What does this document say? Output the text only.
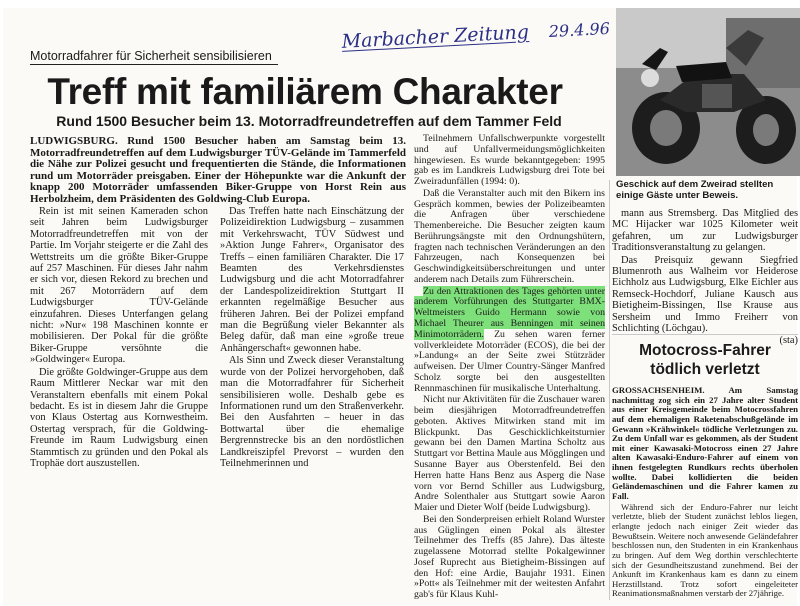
Motorradfahrer für Sicherheit sensibilisieren
Marbacher Zeitung 29.4.96
Treff mit familiärem Charakter
Rund 1500 Besucher beim 13. Motorradfreundetreffen auf dem Tammer Feld
LUDWIGSBURG. Rund 1500 Besucher haben am Samstag beim 13. Motorradfreundetreffen auf dem Ludwigsburger TÜV-Gelände im Tammerfeld die Nähe zur Polizei gesucht und frequentierten die Stände, die Informationen rund um Motorräder preisgaben. Einer der Höhepunkte war die Ankunft der knapp 200 Motorräder umfassenden Biker-Gruppe von Horst Rein aus Herbolzheim, dem Präsidenten des Goldwing-Club Europa.

Rein ist mit seinen Kameraden schon seit Jahren beim Ludwigsburger Motorradfreundetreffen mit von der Partie. Im Vorjahr steigerte er die Zahl des Wettstreits um die größte Biker-Gruppe auf 257 Maschinen. Für dieses Jahr nahm er sich vor, diesen Rekord zu brechen und mit 267 Motorrädern auf dem Ludwigsburger TÜV-Gelände einzufahren. Dieses Unterfangen gelang nicht: »Nur« 198 Maschinen konnte er mobilisieren. Der Pokal für die größte Biker-Gruppe versöhnte die »Goldwinger« Europa.

Die größte Goldwinger-Gruppe aus dem Raum Mittlerer Neckar war mit den Veranstaltern ebenfalls mit einem Pokal bedacht. Es ist in diesem Jahr die Gruppe von Klaus Ostertag aus Kornwestheim. Ostertag versprach, für die Goldwing-Freunde im Raum Ludwigsburg einen Stammtisch zu gründen und den Pokal als Trophäe dort auszustellen.

Das Treffen hatte nach Einschätzung der Polizeidirektion Ludwigsburg – zusammen mit Verkehrswacht, TÜV Südwest und »Aktion Junge Fahrer«, Organisator des Treffs – einen familiären Charakter. Die 17 Beamten des Verkehrsdienstes Ludwigsburg und die acht Motorradfahrer der Landespolizeidirektion Stuttgart II erkannten regelmäßige Besucher aus früheren Jahren. Bei der Polizei empfand man die Begrüßung vieler Bekannter als Beleg dafür, daß man eine »große treue Anhängerschaft« gewonnen habe.

Als Sinn und Zweck dieser Veranstaltung wurde von der Polizei hervorgehoben, daß man die Motorradfahrer für Sicherheit sensibilisieren wolle. Deshalb gebe es Informationen rund um den Straßenverkehr. Bei den Ausfahrten – heuer in das Bottwartal über die ehemalige Bergrennstrecke bis an den nordöstlichen Landkreiszipfel Prevorst – wurden den Teilnehmerinnen und

Teilnehmern Unfallschwerpunkte vorgestellt und auf Unfallvermeidungsmöglichkeiten hingewiesen. Es wurde bekanntgegeben: 1995 gab es im Landkreis Ludwigsburg drei Tote bei Zweiradunfällen (1994: 0).

Daß die Veranstalter auch mit den Bikern ins Gespräch kommen, bewies der Polizeibeamten die Anfragen über verschiedene Themenbereiche. Die Besucher zeigten kaum Berührungsängste mit den Ordnungshütern, fragten nach technischen Veränderungen an den Fahrzeugen, nach Konsequenzen bei Geschwindigkeitsüberschreitungen und unter anderem nach Details zum Führerschein.

Zu den Attraktionen des Tages gehörten unter anderem Vorführungen des Stuttgarter BMX-Weltmeisters Guido Hermann sowie von Michael Theurer aus Benningen mit seinen Minimotorrädern. Zu sehen waren ferner vollverkleidete Motorräder (ECOS), die bei der »Landung« an der Seite zwei Stützräder aufweisen. Der Ulmer Country-Sänger Manfred Scholz sorgte bei den ausgestellten Rennmaschinen für musikalische Unterhaltung.

Nicht nur Aktivitäten für die Zuschauer waren beim diesjährigen Motorradfreundetreffen geboten. Aktives Mitwirken stand mit im Blickpunkt. Das Geschicklichkeitsturnier gewann bei den Damen Martina Scholtz aus Stuttgart vor Bettina Maule aus Mögglingen und Susanne Bayer aus Oberstenfeld. Bei den Herren hatte Hans Benz aus Asperg die Nase vorn vor Bernd Schiller aus Ludwigsburg, Andre Solenthaler aus Stuttgart sowie Aaron Maier und Dieter Wolf (beide Ludwigsburg).

Bei den Sonderpreisen erhielt Roland Wurster aus Güglingen einen Pokal als ältester Teilnehmer des Treffs (85 Jahre). Das älteste zugelassene Motorrad stellte Pokalgewinner Josef Ruprecht aus Bietigheim-Bissingen auf den Hof: eine Ardie, Baujahr 1931. Einen »Pott« als Teilnehmer mit der weitesten Anfahrt gab's für Klaus Kuhl-

Geschick auf dem Zweirad stellten einige Gäste unter Beweis.

mann aus Stremsberg. Das Mitglied des MC Hijacker war 1025 Kilometer weit gefahren, um zur Ludwigsburger Traditionsveranstaltung zu gelangen.

Das Preisquiz gewann Siegfried Blumenroth aus Walheim vor Heiderose Eichholz aus Ludwigsburg, Elke Eichler aus Remseck-Hochdorf, Juliane Kausch aus Bietigheim-Bissingen, Ilse Krause aus Sersheim und Immo Freiherr von Schlichting (Löchgau).

(sta)

Motocross-Fahrer tödlich verletzt

GROSSACHSENHEIM. Am Samstag nachmittag zog sich ein 27 Jahre alter Student aus einer Kreisgemeinde beim Motocrossfahren auf dem ehemaligen Raketenabschußgelände im Gewann »Krähwinkel« tödliche Verletzungen zu. Zu dem Unfall war es gekommen, als der Student mit einer Kawasaki-Motocross einen 27 Jahre alten Kawasaki-Enduro-Fahrer auf einem von ihnen festgelegten Rundkurs rechts überholen wollte. Dabei kollidierten die beiden Geländemaschinen und die Fahrer kamen zu Fall.

Während sich der Enduro-Fahrer nur leicht verletzte, blieb der Student zunächst leblos liegen, erlangte jedoch nach einiger Zeit wieder das Bewußtsein. Weitere noch anwesende Geländefahrer beschlossen nun, den Studenten in ein Krankenhaus zu bringen. Auf dem Weg dorthin verschlechterte sich der Gesundheitszustand zunehmend. Bei der Ankunft im Krankenhaus kam es dann zu einem Herzstillstand. Trotz sofort eingeleiteter Reanimationsmaßnahmen verstarb der 27jährige.
